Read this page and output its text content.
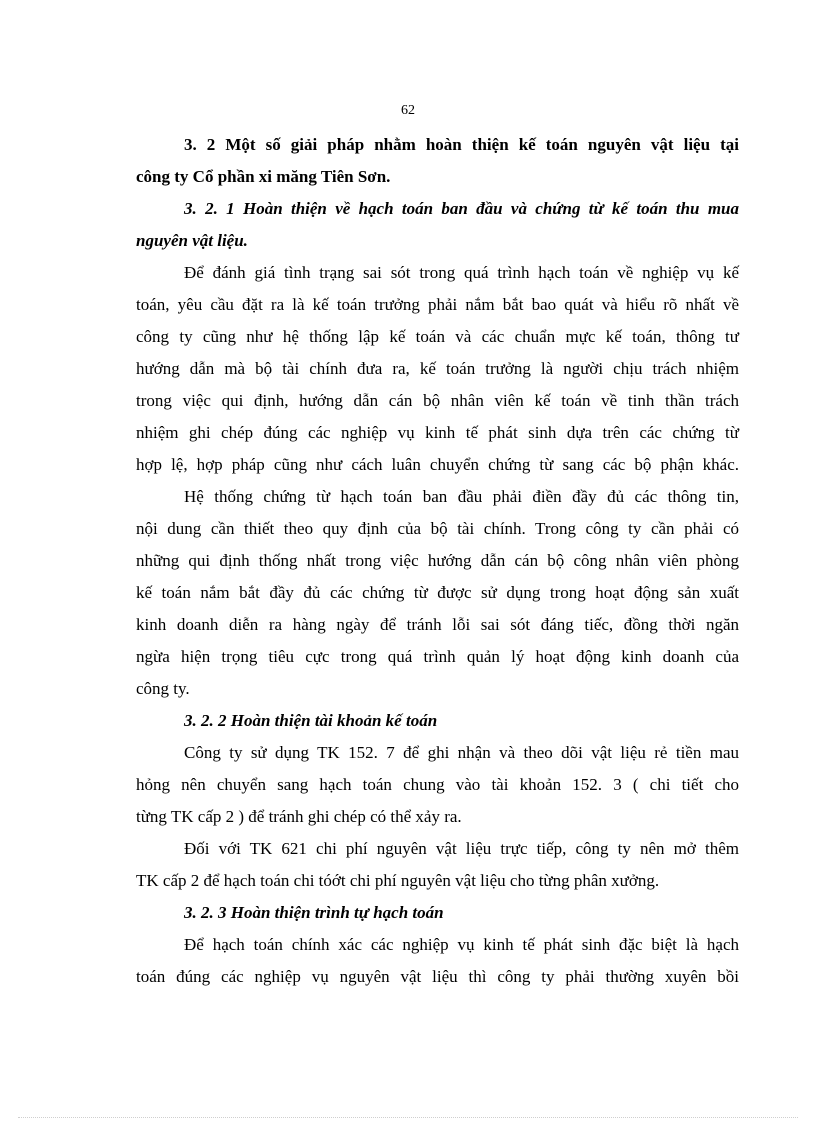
62
3. 2 Một số giải pháp nhằm hoàn thiện kế toán nguyên vật liệu tại
công ty Cổ phần xi măng Tiên Sơn.
3. 2. 1 Hoàn thiện về hạch toán ban đầu và chứng từ kế toán thu mua
nguyên vật liệu.
Để đánh giá tình trạng sai sót trong quá trình hạch toán về nghiệp vụ kế
toán, yêu cầu đặt ra là kế toán trưởng phải nắm bắt bao quát và hiểu rõ nhất về
công ty cũng như hệ thống lập kế toán và các chuẩn mực kế toán, thông tư
hướng dẫn mà bộ tài chính đưa ra, kế toán trưởng là người chịu trách nhiệm
trong việc qui định, hướng dẫn cán bộ nhân viên kế toán về tinh thần trách
nhiệm ghi chép đúng các nghiệp vụ kinh tế phát sinh dựa trên các chứng từ
hợp lệ, hợp pháp cũng như cách luân chuyển chứng từ sang các bộ phận khác.
Hệ thống chứng từ hạch toán ban đầu phải điền đầy đủ các thông tin,
nội dung cần thiết theo quy định của bộ tài chính. Trong công ty cần phải có
những qui định thống nhất trong việc hướng dẫn cán bộ công nhân viên phòng
kế toán nắm bắt đầy đủ các chứng từ được sử dụng trong hoạt động sản xuất
kinh doanh diễn ra hàng ngày để tránh lỗi sai sót đáng tiếc, đồng thời ngăn
ngừa hiện trọng tiêu cực trong quá trình quản lý hoạt động kinh doanh của
công ty.
3. 2. 2 Hoàn thiện tài khoản kế toán
Công ty sử dụng TK 152. 7 để ghi nhận và theo dõi vật liệu rẻ tiền mau
hỏng nên chuyển sang hạch toán chung vào tài khoản 152. 3 ( chi tiết cho
từng TK cấp 2 ) để tránh ghi chép có thể xảy ra.
Đối với TK 621 chi phí nguyên vật liệu trực tiếp, công ty nên mở thêm
TK cấp 2 để hạch toán chi tóớt chi phí nguyên vật liệu cho từng phân xưởng.
3. 2. 3 Hoàn thiện trình tự hạch toán
Để hạch toán chính xác các nghiệp vụ kinh tế phát sinh đặc biệt là hạch
toán đúng các nghiệp vụ nguyên vật liệu thì công ty phải thường xuyên bồi
